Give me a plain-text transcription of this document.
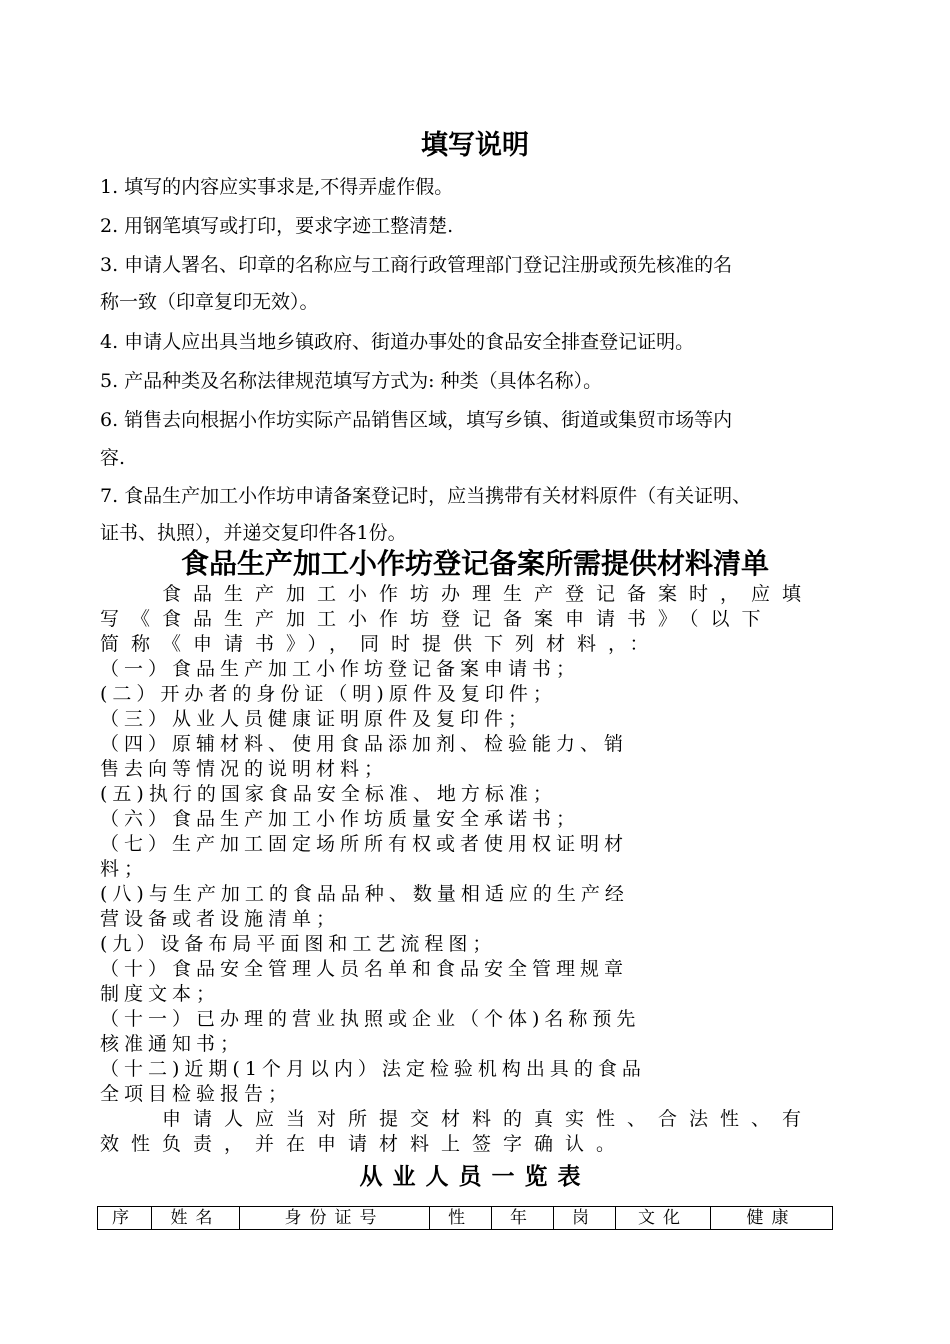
填写说明
1. 填写的内容应实事求是,不得弄虚作假。
2. 用钢笔填写或打印，要求字迹工整清楚.
3. 申请人署名、印章的名称应与工商行政管理部门登记注册或预先核准的名
称一致（印章复印无效）。
4. 申请人应出具当地乡镇政府、街道办事处的食品安全排查登记证明。
5. 产品种类及名称法律规范填写方式为: 种类（具体名称）。
6. 销售去向根据小作坊实际产品销售区域，填写乡镇、街道或集贸市场等内
容.
7. 食品生产加工小作坊申请备案登记时，应当携带有关材料原件（有关证明、
证书、执照），并递交复印件各1份。
食品生产加工小作坊登记备案所需提供材料清单
　　食品生产加工小作坊办理生产登记备案时，应填
写《食品生产加工小作坊登记备案申请书》（以下
简称《申请书》），同时提供下列材料，：
（一）食品生产加工小作坊登记备案申请书；
(二）开办者的身份证（明)原件及复印件；
（三）从业人员健康证明原件及复印件；
（四）原辅材料、使用食品添加剂、检验能力、销
售去向等情况的说明材料；
(五)执行的国家食品安全标准、地方标准；
（六）食品生产加工小作坊质量安全承诺书；
（七）生产加工固定场所所有权或者使用权证明材
料；
(八)与生产加工的食品品种、数量相适应的生产经
营设备或者设施清单；
(九）设备布局平面图和工艺流程图；
（十）食品安全管理人员名单和食品安全管理规章
制度文本；
（十一）已办理的营业执照或企业（个体)名称预先
核准通知书；
（十二)近期(1个月以内）法定检验机构出具的食品
全项目检验报告；
　　申请人应当对所提交材料的真实性、合法性、有
效性负责，并在申请材料上签字确认。
从业人员一览表
序	姓名	身份证号	性	年	岗	文化	健康
